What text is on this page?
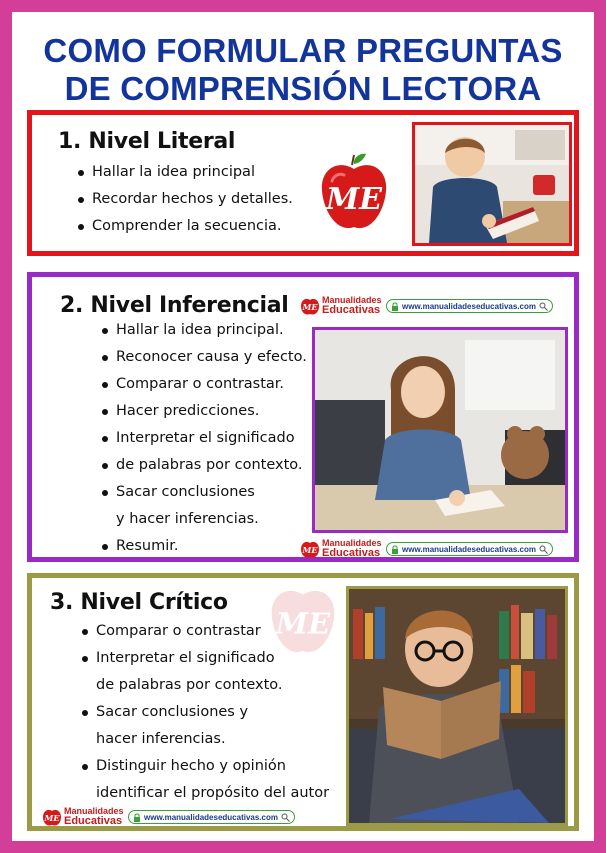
COMO FORMULAR PREGUNTAS
DE COMPRENSIÓN LECTORA
1. Nivel Literal
Hallar la idea principal
Recordar hechos y detalles.
Comprender la secuencia.
ME
2. Nivel Inferencial ME
Manualidades
Educativas	www.manualidadeseducativas.com
Hallar la idea principal.
Reconocer causa y efecto.
Comparar o contrastar.
Hacer predicciones.
Interpretar el significado
de palabras por contexto.
Sacar conclusiones
y hacer inferencias.
Resumir.	ME
Manualidades
Educativas	www.manualidadeseducativas.com
ME
3. Nivel Crítico
Comparar o contrastar
Interpretar el significado
de palabras por contexto.
Sacar conclusiones y
hacer inferencias.
Distinguir hecho y opinión
identificar el propósito del autor
ME
Manualidades
Educativas	www.manualidadeseducativas.com
